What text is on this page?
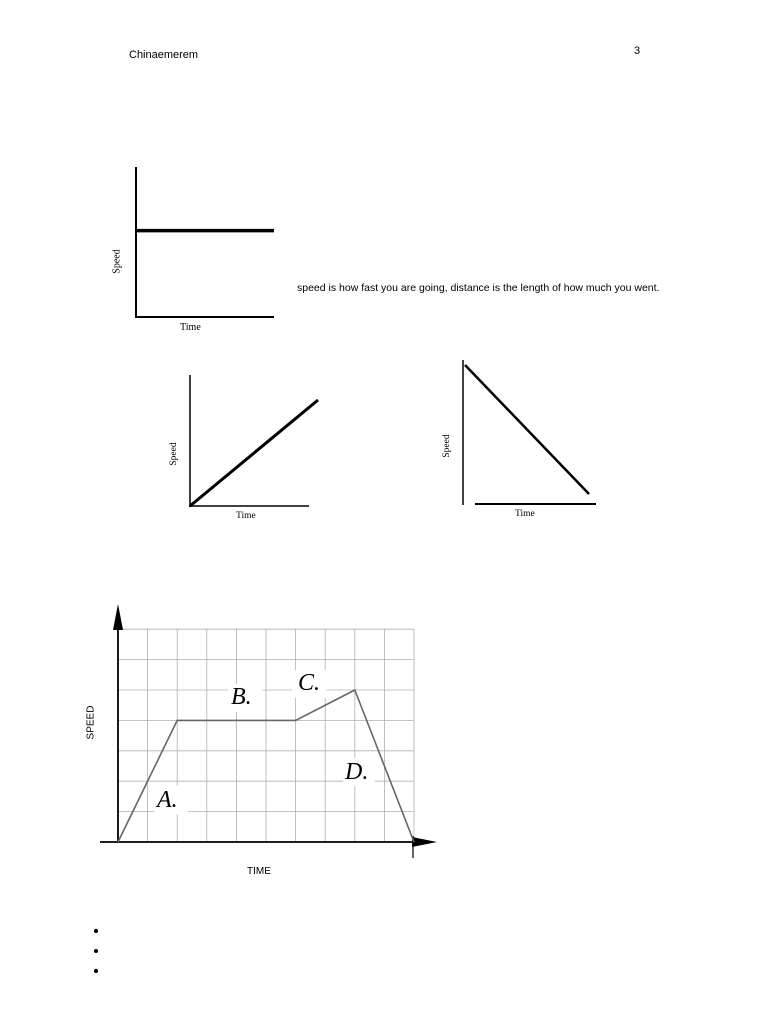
Chinaemerem	3
speed is how fast you are going, distance is the length of how much you went.
Time
Speed
Time
Speed
Time
Speed
TIME
SPEED
A.
B.
C.
D.
